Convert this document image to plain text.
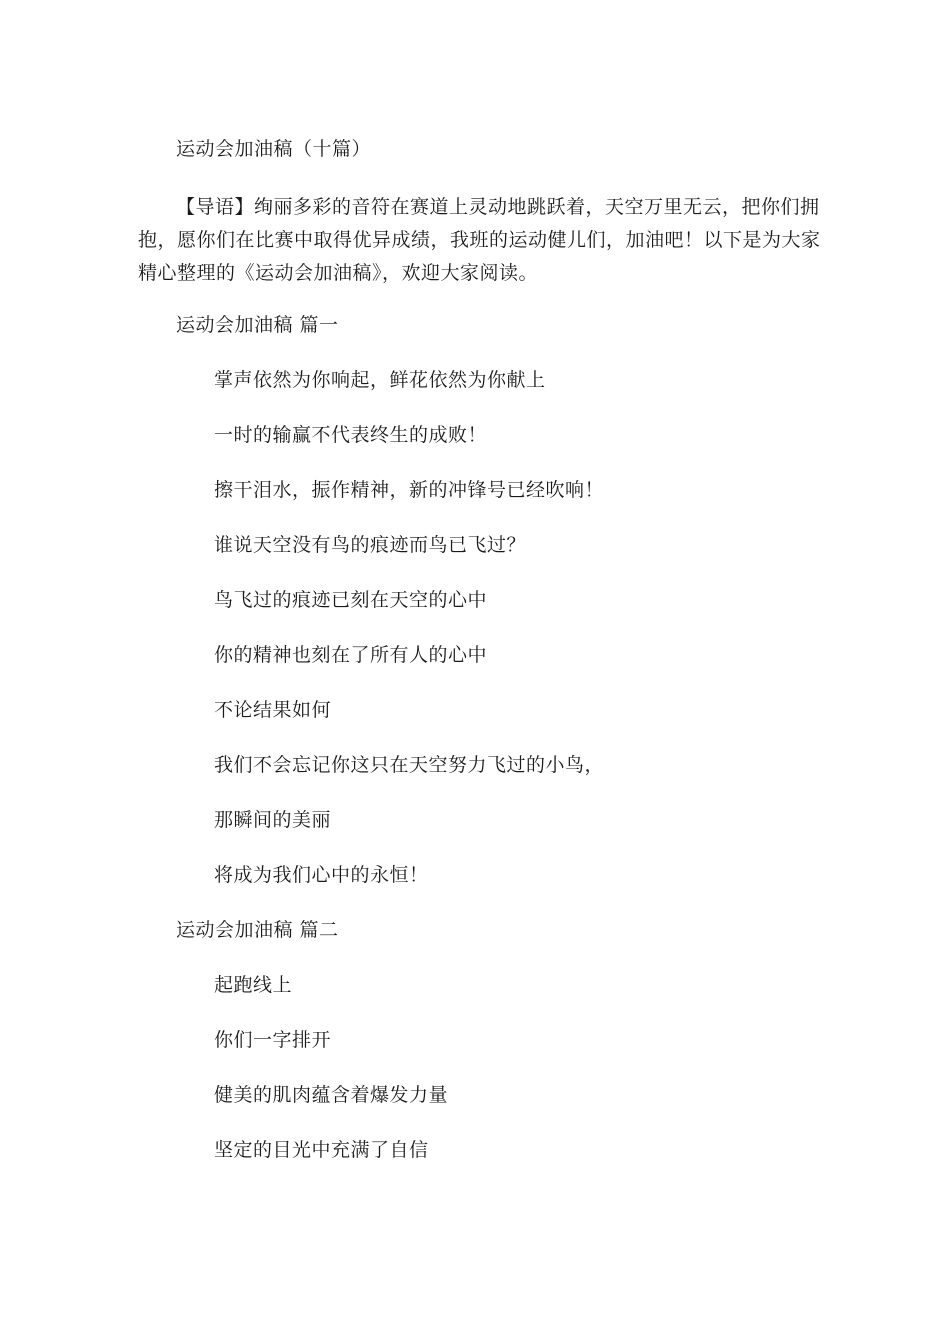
运动会加油稿（十篇）
【导语】绚丽多彩的音符在赛道上灵动地跳跃着，天空万里无云，把你们拥
抱，愿你们在比赛中取得优异成绩，我班的运动健儿们，加油吧！以下是为大家
精心整理的《运动会加油稿》，欢迎大家阅读。
运动会加油稿 篇一
掌声依然为你响起，鲜花依然为你献上
一时的输赢不代表终生的成败！
擦干泪水，振作精神，新的冲锋号已经吹响！
谁说天空没有鸟的痕迹而鸟已飞过？
鸟飞过的痕迹已刻在天空的心中
你的精神也刻在了所有人的心中
不论结果如何
我们不会忘记你这只在天空努力飞过的小鸟，
那瞬间的美丽
将成为我们心中的永恒！
运动会加油稿 篇二
起跑线上
你们一字排开
健美的肌肉蕴含着爆发力量
坚定的目光中充满了自信
